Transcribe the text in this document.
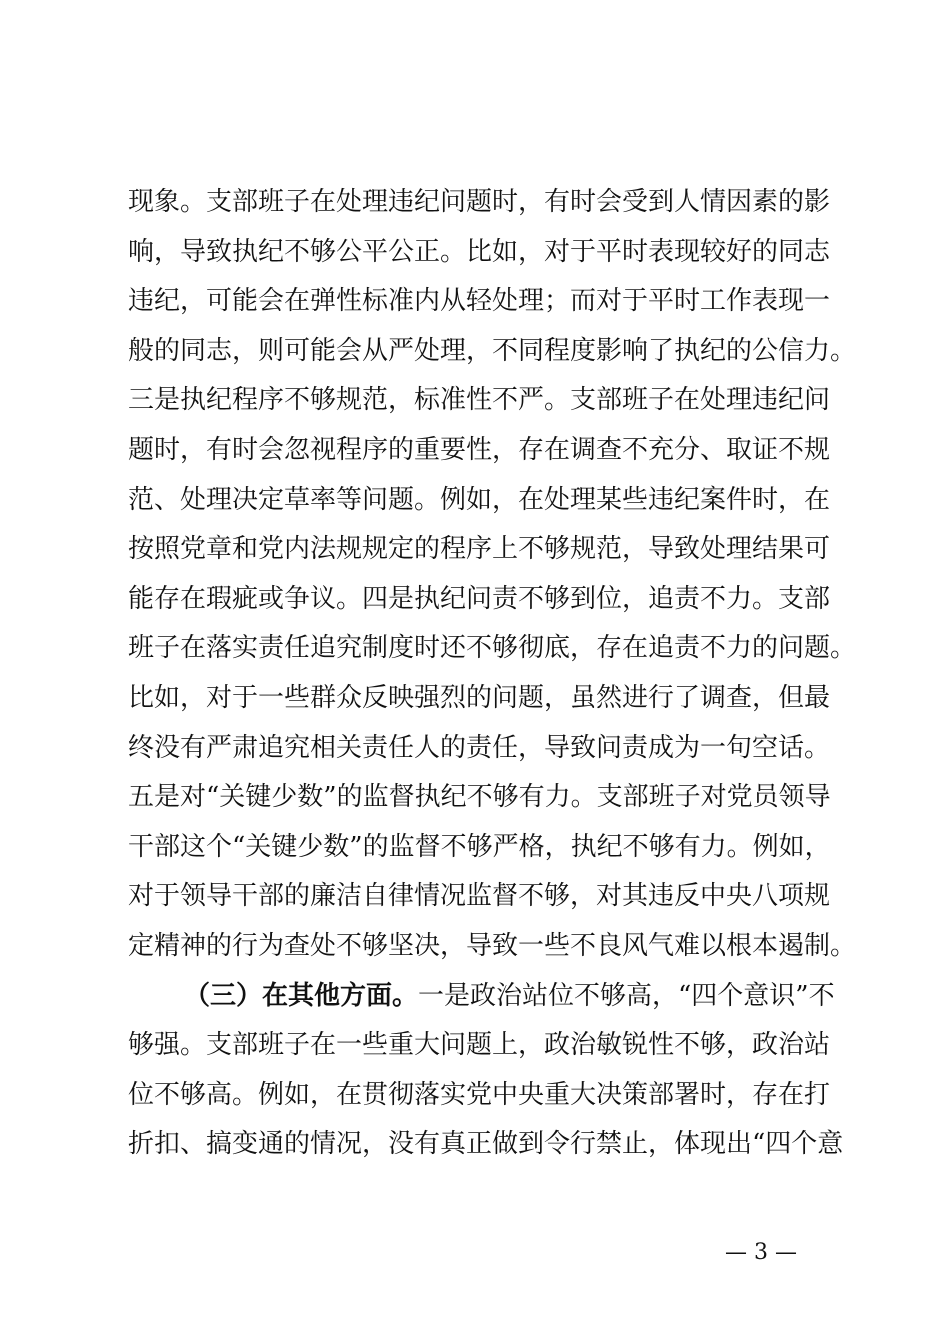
现象。支部班子在处理违纪问题时，有时会受到人情因素的影
响，导致执纪不够公平公正。比如，对于平时表现较好的同志
违纪，可能会在弹性标准内从轻处理；而对于平时工作表现一
般的同志，则可能会从严处理，不同程度影响了执纪的公信力。
三是执纪程序不够规范，标准性不严。支部班子在处理违纪问
题时，有时会忽视程序的重要性，存在调查不充分、取证不规
范、处理决定草率等问题。例如，在处理某些违纪案件时，在
按照党章和党内法规规定的程序上不够规范，导致处理结果可
能存在瑕疵或争议。四是执纪问责不够到位，追责不力。支部
班子在落实责任追究制度时还不够彻底，存在追责不力的问题。
比如，对于一些群众反映强烈的问题，虽然进行了调查，但最
终没有严肃追究相关责任人的责任，导致问责成为一句空话。
五是对“关键少数”的监督执纪不够有力。支部班子对党员领导
干部这个“关键少数”的监督不够严格，执纪不够有力。例如，
对于领导干部的廉洁自律情况监督不够，对其违反中央八项规
定精神的行为查处不够坚决，导致一些不良风气难以根本遏制。
（三）在其他方面。一是政治站位不够高，“四个意识”不
够强。支部班子在一些重大问题上，政治敏锐性不够，政治站
位不够高。例如，在贯彻落实党中央重大决策部署时，存在打
折扣、搞变通的情况，没有真正做到令行禁止，体现出“四个意
— 3 —
